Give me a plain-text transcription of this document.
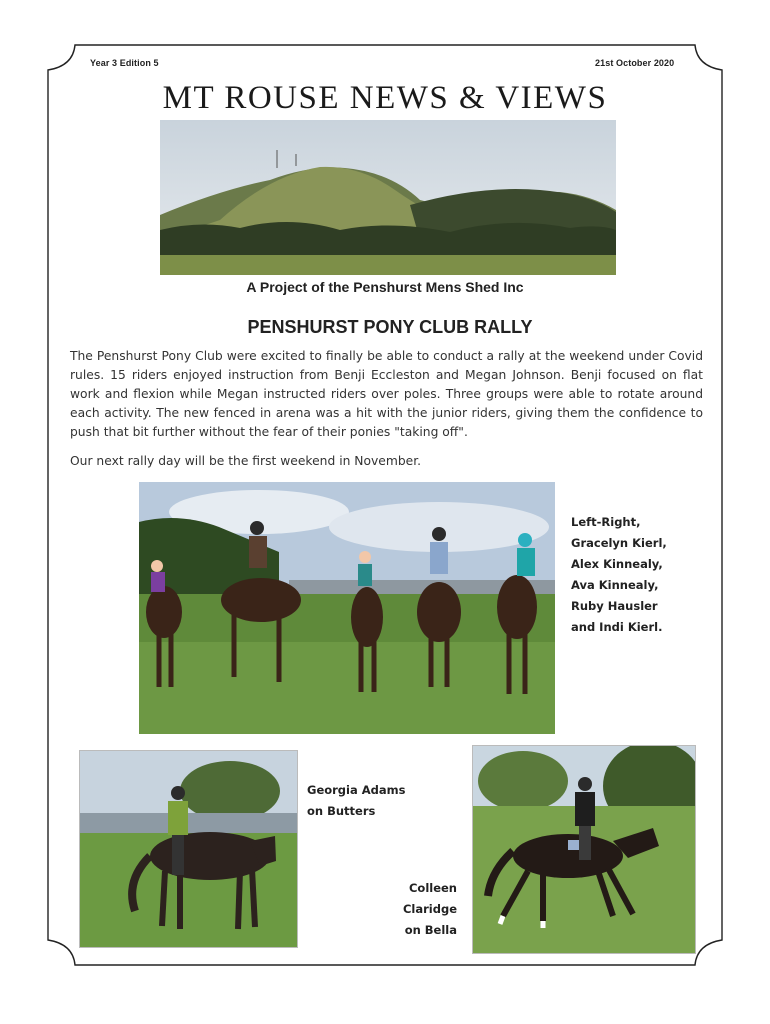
Year 3 Edition 5	21st October 2020
MT ROUSE NEWS & VIEWS
A Project of the Penshurst Mens Shed Inc
PENSHURST PONY CLUB RALLY

The Penshurst Pony Club were excited to finally be able to conduct a rally at the weekend under Covid rules. 15 riders enjoyed instruction from Benji Eccleston and Megan Johnson. Benji focused on flat work and flexion while Megan instructed riders over poles. Three groups were able to rotate around each activity. The new fenced in arena was a hit with the junior riders, giving them the confidence to push that bit further without the fear of their ponies "taking off".

Our next rally day will be the first weekend in November.

Left-Right,
Gracelyn Kierl,
Alex Kinnealy,
Ava Kinnealy,
Ruby Hausler
and Indi Kierl.
Georgia Adams
on Butters
Colleen Claridge
on Bella
